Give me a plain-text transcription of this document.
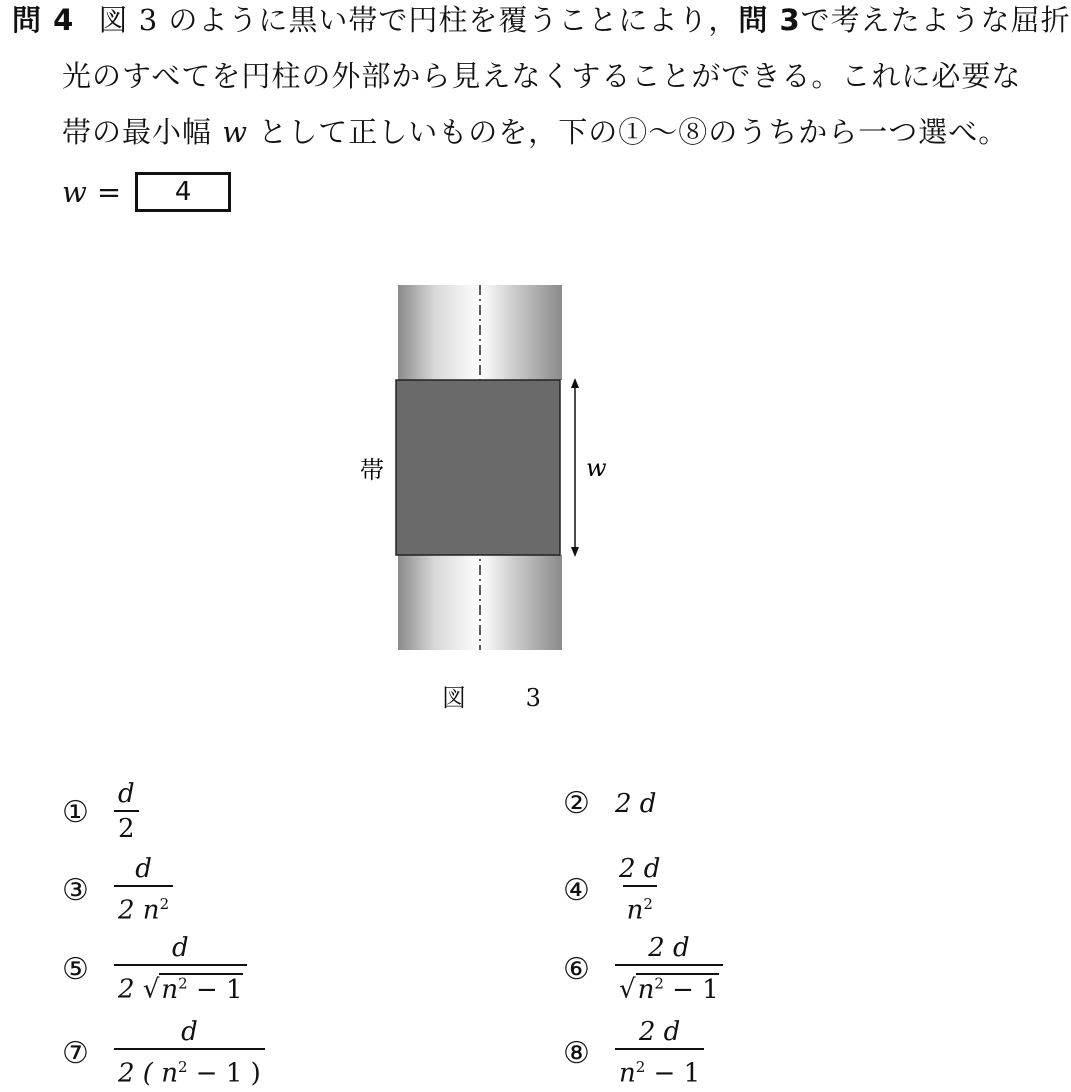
問 4 図 3 のように黒い帯で円柱を覆うことにより，問 3で考えたような屈折
光のすべてを円柱の外部から見えなくすることができる。これに必要な
帯の最小幅 w として正しいものを，下の①〜⑧のうちから一つ選べ。
w =	4
帯	w
図 3
① $\frac{d}{2}$	② 2 d
③ $\frac{d}{2 n^2}$	④ $\frac{2 d}{n^2}$
⑤ $\frac{d}{2 √n^2 - 1}$	⑥ $\frac{2 d}{√n^2 - 1}$
⑦ $\frac{d}{2 ( n^2 - 1 )}$	⑧ $\frac{2 d}{n^2 - 1}$
